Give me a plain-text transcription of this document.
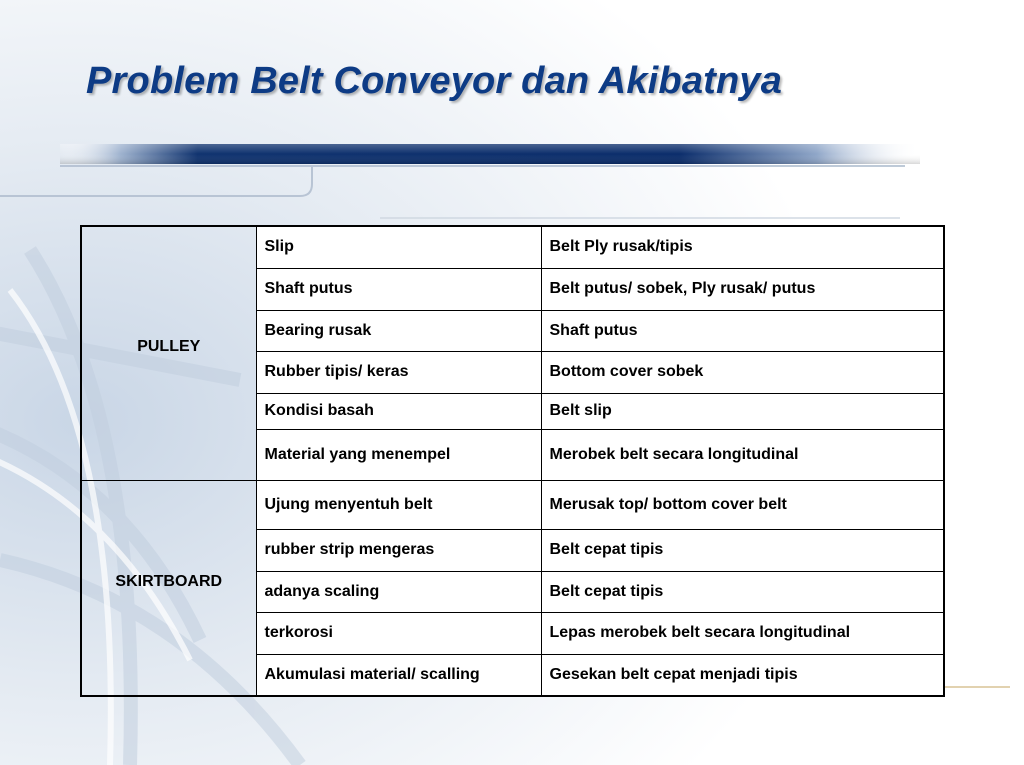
Problem Belt Conveyor dan Akibatnya
PULLEY	Slip	Belt Ply rusak/tipis
	Shaft putus	Belt putus/ sobek, Ply rusak/ putus
	Bearing rusak	Shaft putus
	Rubber tipis/ keras	Bottom cover sobek
	Kondisi basah	Belt slip
	Material yang menempel	Merobek belt secara longitudinal
SKIRTBOARD	Ujung menyentuh belt	Merusak top/ bottom cover belt
	rubber strip mengeras	Belt cepat tipis
	adanya scaling	Belt cepat tipis
	terkorosi	Lepas merobek belt secara longitudinal
	Akumulasi material/ scalling	Gesekan belt cepat menjadi tipis
